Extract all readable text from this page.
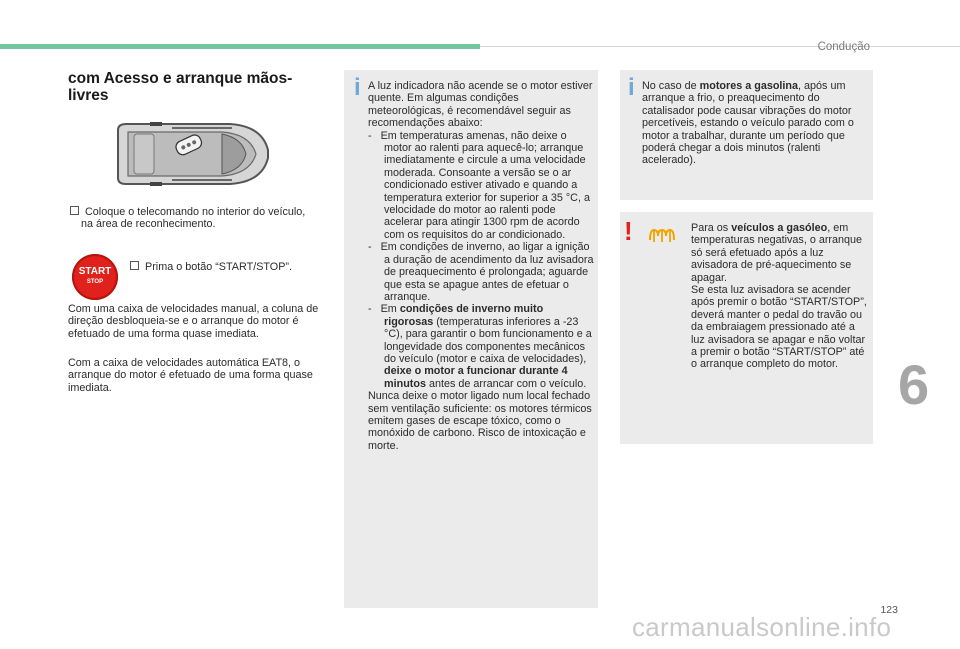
Condução
com Acesso e arranque mãos-livres
Coloque o telecomando no interior do veículo, na área de reconhecimento.
START
STOP
Prima o botão “START/STOP”.
Com uma caixa de velocidades manual, a coluna de direção desbloqueia-se e o arranque do motor é efetuado de uma forma quase imediata.
Com a caixa de velocidades automática EAT8, o arranque do motor é efetuado de uma forma quase imediata.
i A luz indicadora não acende se o motor estiver quente. Em algumas condições meteorológicas, é recomendável seguir as recomendações abaixo:
-   Em temperaturas amenas, não deixe o motor ao ralenti para aquecê-lo; arranque imediatamente e circule a uma velocidade moderada. Consoante a versão se o ar condicionado estiver ativado e quando a temperatura exterior for superior a 35 °C, a velocidade do motor ao ralenti pode acelerar para atingir 1300 rpm de acordo com os requisitos do ar condicionado.
-   Em condições de inverno, ao ligar a ignição a duração de acendimento da luz avisadora de preaquecimento é prolongada; aguarde que esta se apague antes de efetuar o arranque.
-   Em condições de inverno muito rigorosas (temperaturas inferiores a -23 °C), para garantir o bom funcionamento e a longevidade dos componentes mecânicos do veículo (motor e caixa de velocidades), deixe o motor a funcionar durante 4 minutos antes de arrancar com o veículo.
Nunca deixe o motor ligado num local fechado sem ventilação suficiente: os motores térmicos emitem gases de escape tóxico, como o monóxido de carbono. Risco de intoxicação e morte.
i No caso de motores a gasolina, após um arranque a frio, o preaquecimento do catalisador pode causar vibrações do motor percetíveis, estando o veículo parado com o motor a trabalhar, durante um período que poderá chegar a dois minutos (ralenti acelerado).
!	Para os veículos a gasóleo, em temperaturas negativas, o arranque só será efetuado após a luz avisadora de pré-aquecimento se apagar.
Se esta luz avisadora se acender após premir o botão “START/STOP”, deverá manter o pedal do travão ou da embraiagem pressionado até a luz avisadora se apagar e não voltar a premir o botão “START/STOP” até o arranque completo do motor.	6
123
carmanualsonline.info
